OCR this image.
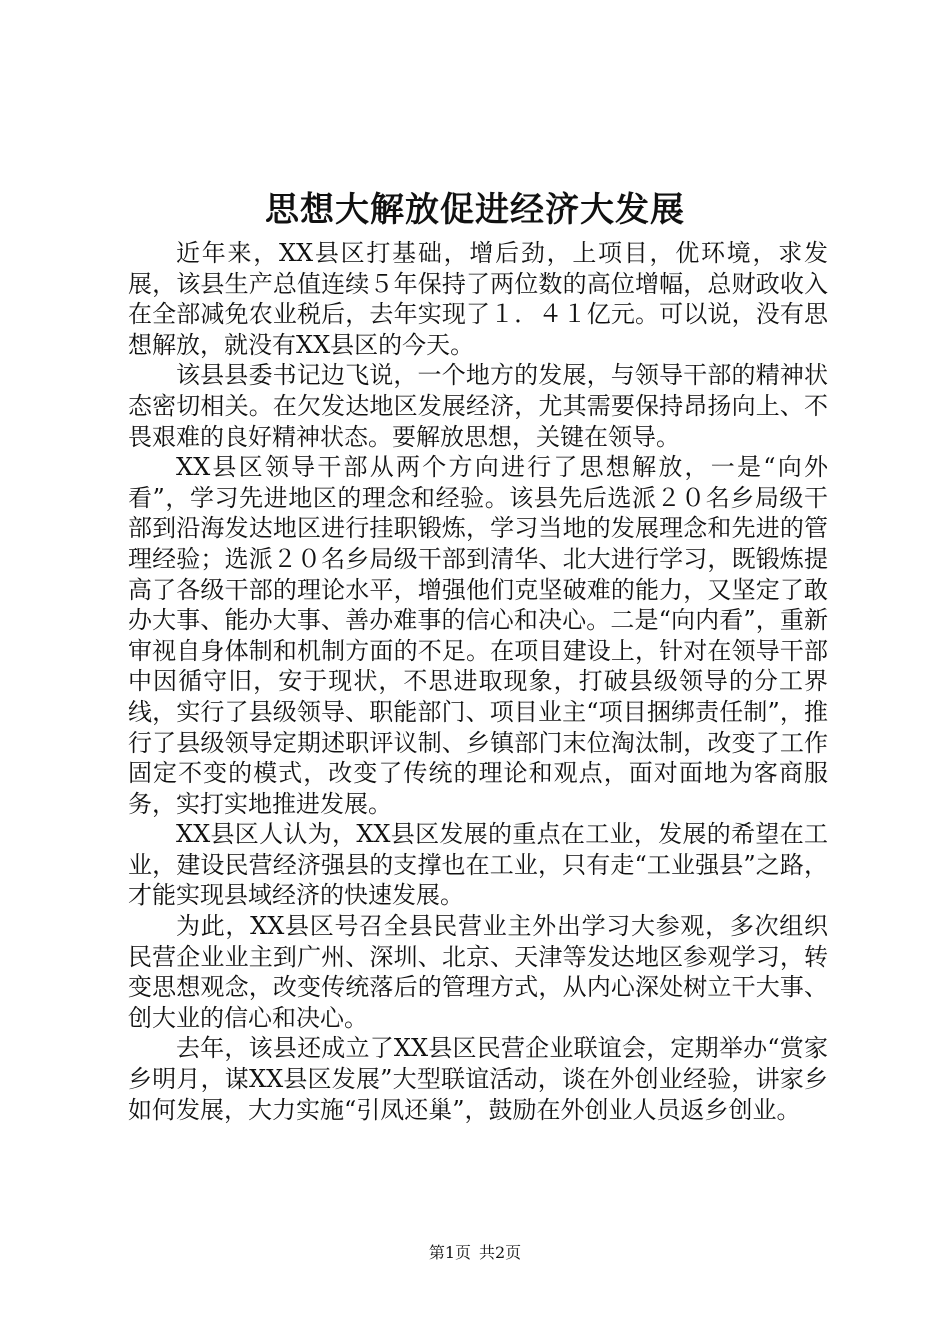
思想大解放促进经济大发展

近年来，XX县区打基础，增后劲，上项目，优环境，求发展，该县生产总值连续５年保持了两位数的高位增幅，总财政收入在全部减免农业税后，去年实现了１．４１亿元。可以说，没有思想解放，就没有XX县区的今天。

该县县委书记边飞说，一个地方的发展，与领导干部的精神状态密切相关。在欠发达地区发展经济，尤其需要保持昂扬向上、不畏艰难的良好精神状态。要解放思想，关键在领导。

XX县区领导干部从两个方向进行了思想解放，一是“向外看”，学习先进地区的理念和经验。该县先后选派２０名乡局级干部到沿海发达地区进行挂职锻炼，学习当地的发展理念和先进的管理经验；选派２０名乡局级干部到清华、北大进行学习，既锻炼提高了各级干部的理论水平，增强他们克坚破难的能力，又坚定了敢办大事、能办大事、善办难事的信心和决心。二是“向内看”，重新审视自身体制和机制方面的不足。在项目建设上，针对在领导干部中因循守旧，安于现状，不思进取现象，打破县级领导的分工界线，实行了县级领导、职能部门、项目业主“项目捆绑责任制”，推行了县级领导定期述职评议制、乡镇部门末位淘汰制，改变了工作固定不变的模式，改变了传统的理论和观点，面对面地为客商服务，实打实地推进发展。

XX县区人认为，XX县区发展的重点在工业，发展的希望在工业，建设民营经济强县的支撑也在工业，只有走“工业强县”之路，才能实现县域经济的快速发展。

为此，XX县区号召全县民营业主外出学习大参观，多次组织民营企业业主到广州、深圳、北京、天津等发达地区参观学习，转变思想观念，改变传统落后的管理方式，从内心深处树立干大事、创大业的信心和决心。

去年，该县还成立了XX县区民营企业联谊会，定期举办“赏家乡明月，谋XX县区发展”大型联谊活动，谈在外创业经验，讲家乡如何发展，大力实施“引凤还巢”，鼓励在外创业人员返乡创业。

第1页 共2页
